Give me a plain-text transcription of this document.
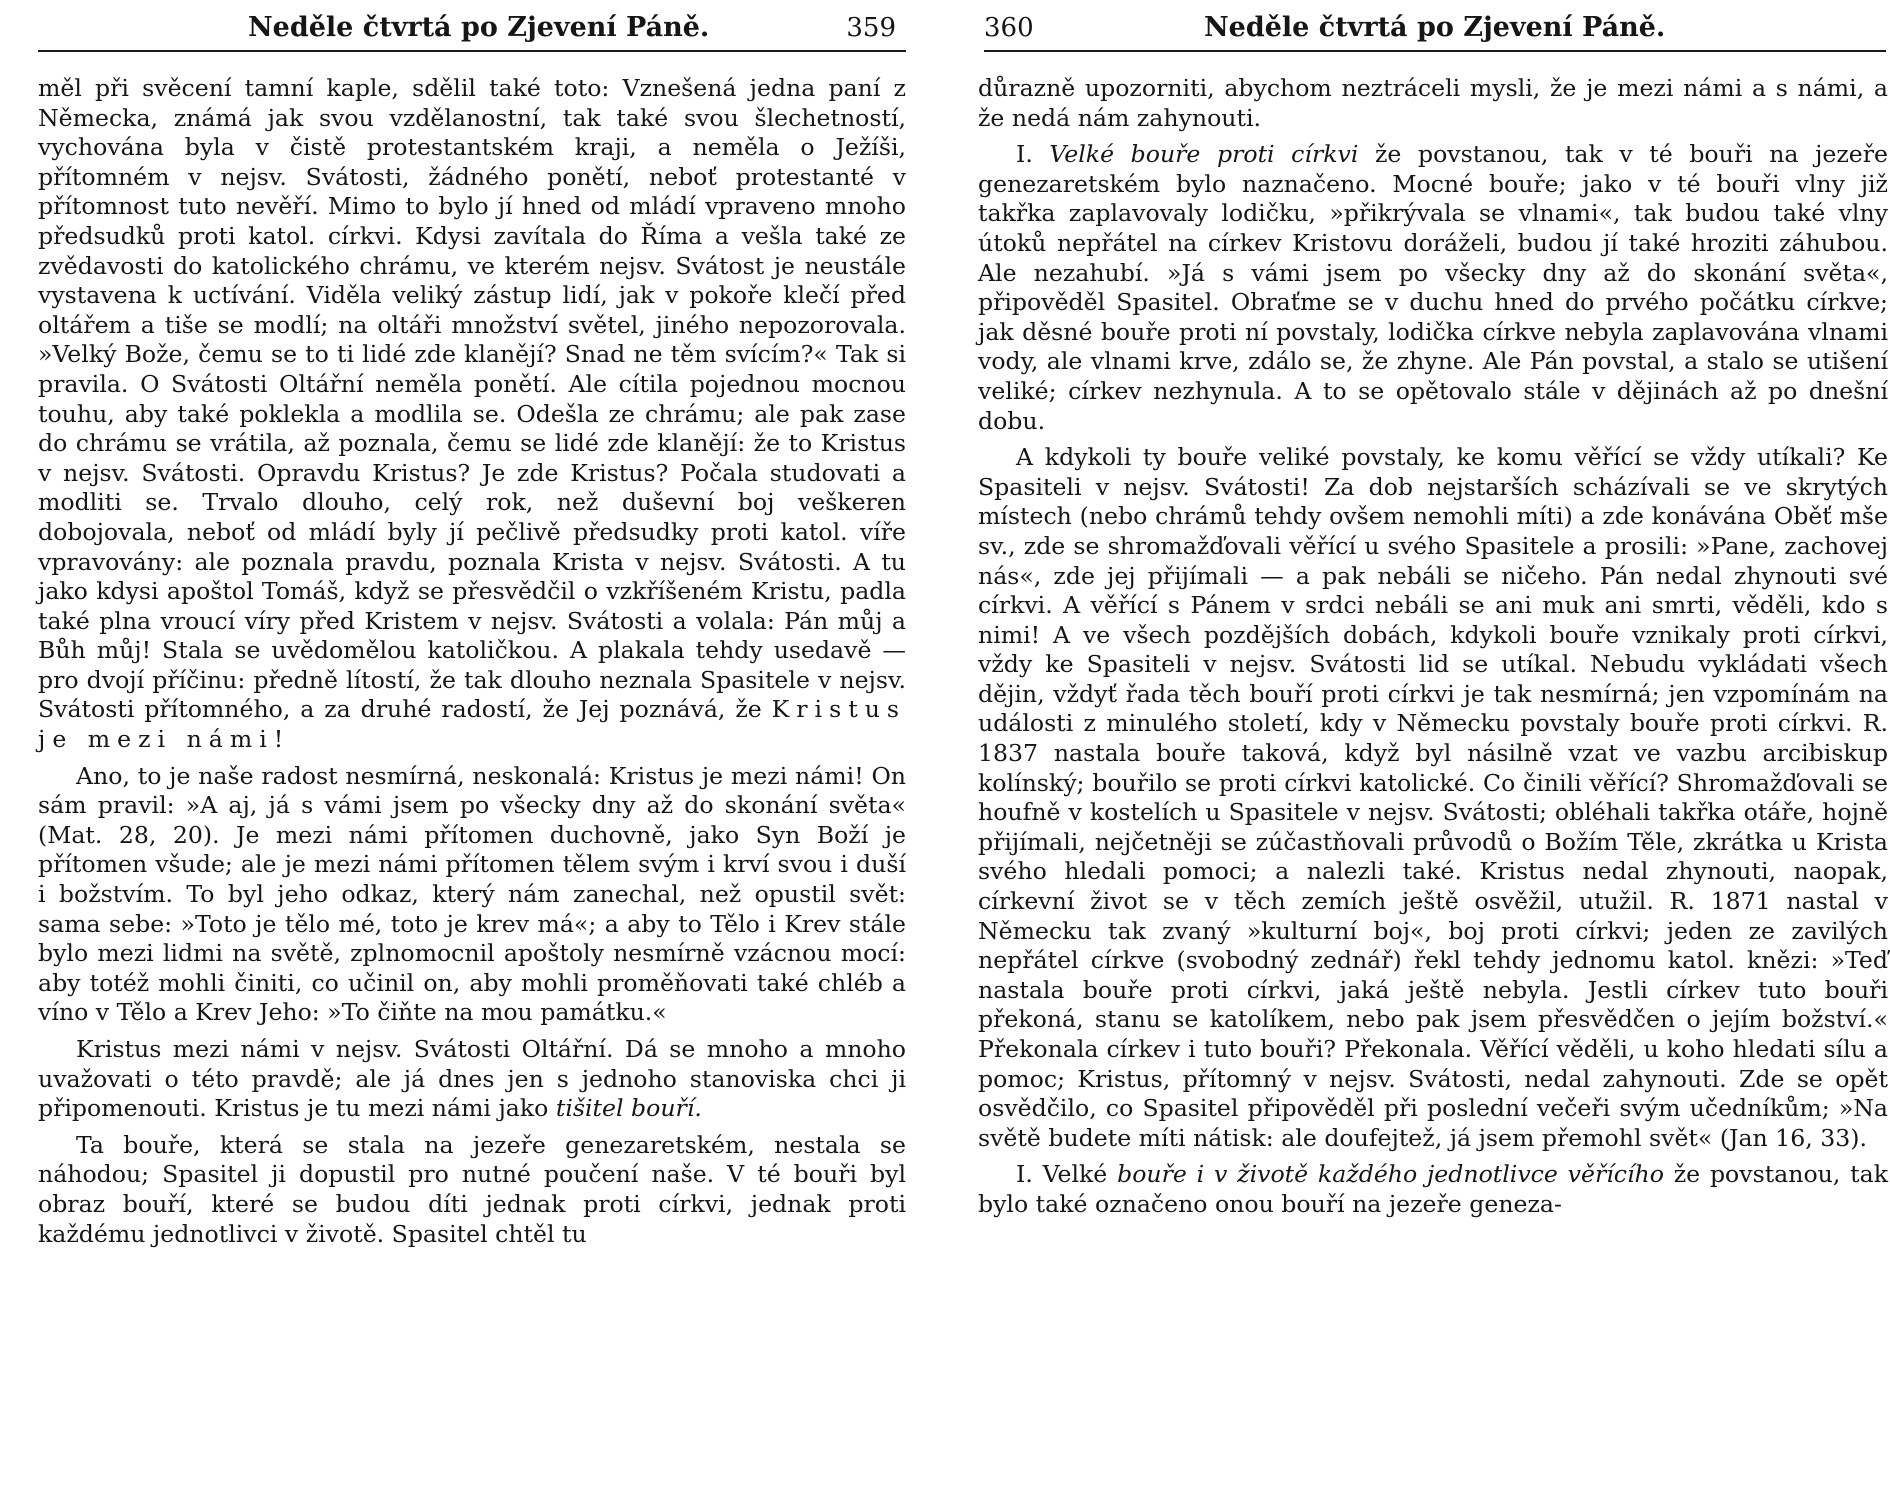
Neděle čtvrtá po Zjevení Páně.	359

měl při svěcení tamní kaple, sdělil také toto: Vznešená jedna paní z Německa, známá jak svou vzdělanostní, tak také svou šlechetností, vychována byla v čistě protestantském kraji, a neměla o Ježíši, přítomném v nejsv. Svátosti, žádného ponětí, neboť protestanté v přítomnost tuto nevěří. Mimo to bylo jí hned od mládí vpraveno mnoho předsudků proti katol. církvi. Kdysi zavítala do Říma a vešla také ze zvědavosti do katolického chrámu, ve kterém nejsv. Svátost je neustále vystavena k uctívání. Viděla veliký zástup lidí, jak v pokoře klečí před oltářem a tiše se modlí; na oltáři množství světel, jiného nepozorovala. »Velký Bože, čemu se to ti lidé zde klanějí? Snad ne těm svícím?« Tak si pravila. O Svátosti Oltářní neměla ponětí. Ale cítila pojednou mocnou touhu, aby také poklekla a modlila se. Odešla ze chrámu; ale pak zase do chrámu se vrátila, až poznala, čemu se lidé zde klanějí: že to Kristus v nejsv. Svátosti. Opravdu Kristus? Je zde Kristus? Počala studovati a modliti se. Trvalo dlouho, celý rok, než duševní boj veškeren dobojovala, neboť od mládí byly jí pečlivě předsudky proti katol. víře vpravovány: ale poznala pravdu, poznala Krista v nejsv. Svátosti. A tu jako kdysi apoštol Tomáš, když se přesvědčil o vzkříšeném Kristu, padla také plna vroucí víry před Kristem v nejsv. Svátosti a volala: Pán můj a Bůh můj! Stala se uvědomělou katoličkou. A plakala tehdy usedavě — pro dvojí příčinu: předně lítostí, že tak dlouho neznala Spasitele v nejsv. Svátosti přítomného, a za druhé radostí, že Jej poznává, že Kristus je mezi námi!

Ano, to je naše radost nesmírná, neskonalá: Kristus je mezi námi! On sám pravil: »A aj, já s vámi jsem po všecky dny až do skonání světa« (Mat. 28, 20). Je mezi námi přítomen duchovně, jako Syn Boží je přítomen všude; ale je mezi námi přítomen tělem svým i krví svou i duší i božstvím. To byl jeho odkaz, který nám zanechal, než opustil svět: sama sebe: »Toto je tělo mé, toto je krev má«; a aby to Tělo i Krev stále bylo mezi lidmi na světě, zplnomocnil apoštoly nesmírně vzácnou mocí: aby totéž mohli činiti, co učinil on, aby mohli proměňovati také chléb a víno v Tělo a Krev Jeho: »To čiňte na mou památku.«

Kristus mezi námi v nejsv. Svátosti Oltářní. Dá se mnoho a mnoho uvažovati o této pravdě; ale já dnes jen s jednoho stanoviska chci ji připomenouti. Kristus je tu mezi námi jako tišitel bouří.

Ta bouře, která se stala na jezeře genezaretském, nestala se náhodou; Spasitel ji dopustil pro nutné poučení naše. V té bouři byl obraz bouří, které se budou díti jednak proti církvi, jednak proti každému jednotlivci v životě. Spasitel chtěl tu

360	Neděle čtvrtá po Zjevení Páně.

důrazně upozorniti, abychom neztráceli mysli, že je mezi námi a s námi, a že nedá nám zahynouti.

I. Velké bouře proti církvi že povstanou, tak v té bouři na jezeře genezaretském bylo naznačeno. Mocné bouře; jako v té bouři vlny již takřka zaplavovaly lodičku, »přikrývala se vlnami«, tak budou také vlny útoků nepřátel na církev Kristovu doráželi, budou jí také hroziti záhubou. Ale nezahubí. »Já s vámi jsem po všecky dny až do skonání světa«, připověděl Spasitel. Obraťme se v duchu hned do prvého počátku církve; jak děsné bouře proti ní povstaly, lodička církve nebyla zaplavována vlnami vody, ale vlnami krve, zdálo se, že zhyne. Ale Pán povstal, a stalo se utišení veliké; církev nezhynula. A to se opětovalo stále v dějinách až po dnešní dobu.

A kdykoli ty bouře veliké povstaly, ke komu věřící se vždy utíkali? Ke Spasiteli v nejsv. Svátosti! Za dob nejstarších scházívali se ve skrytých místech (nebo chrámů tehdy ovšem nemohli míti) a zde konávána Oběť mše sv., zde se shromažďovali věřící u svého Spasitele a prosili: »Pane, zachovej nás«, zde jej přijímali — a pak nebáli se ničeho. Pán nedal zhynouti své církvi. A věřící s Pánem v srdci nebáli se ani muk ani smrti, věděli, kdo s nimi! A ve všech pozdějších dobách, kdykoli bouře vznikaly proti církvi, vždy ke Spasiteli v nejsv. Svátosti lid se utíkal. Nebudu vykládati všech dějin, vždyť řada těch bouří proti církvi je tak nesmírná; jen vzpomínám na události z minulého století, kdy v Německu povstaly bouře proti církvi. R. 1837 nastala bouře taková, když byl násilně vzat ve vazbu arcibiskup kolínský; bouřilo se proti církvi katolické. Co činili věřící? Shromažďovali se houfně v kostelích u Spasitele v nejsv. Svátosti; obléhali takřka otáře, hojně přijímali, nejčetněji se zúčastňovali průvodů o Božím Těle, zkrátka u Krista svého hledali pomoci; a nalezli také. Kristus nedal zhynouti, naopak, církevní život se v těch zemích ještě osvěžil, utužil. R. 1871 nastal v Německu tak zvaný »kulturní boj«, boj proti církvi; jeden ze zavilých nepřátel církve (svobodný zednář) řekl tehdy jednomu katol. knězi: »Teď nastala bouře proti církvi, jaká ještě nebyla. Jestli církev tuto bouři překoná, stanu se katolíkem, nebo pak jsem přesvědčen o jejím božství.« Překonala církev i tuto bouři? Překonala. Věřící věděli, u koho hledati sílu a pomoc; Kristus, přítomný v nejsv. Svátosti, nedal zahynouti. Zde se opět osvědčilo, co Spasitel připověděl při poslední večeři svým učedníkům; »Na světě budete míti nátisk: ale doufejtež, já jsem přemohl svět« (Jan 16, 33).

I. Velké bouře i v životě každého jednotlivce věřícího že povstanou, tak bylo také označeno onou bouří na jezeře geneza-
